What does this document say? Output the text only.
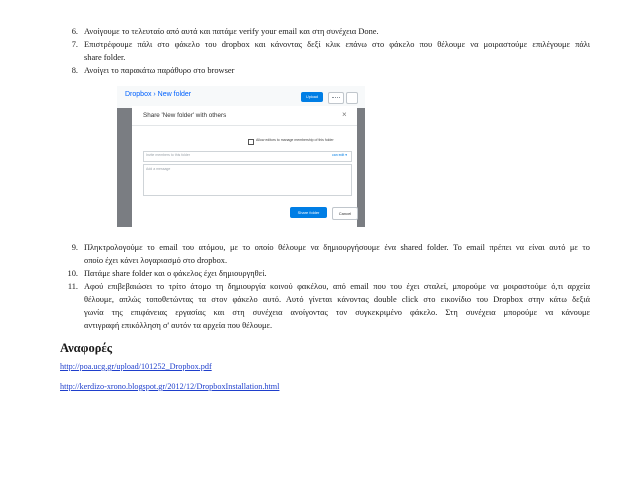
6. Ανοίγουμε το τελευταίο από αυτά και πατάμε verify your email και στη συνέχεια Done.
7. Επιστρέφουμε πάλι στο φάκελο του dropbox και κάνοντας δεξί κλικ επάνω στο φάκελο που θέλουμε να μοιραστούμε επιλέγουμε πάλι
share folder.
8. Ανοίγει το παρακάτω παράθυρο στο browser
Dropbox › New folder	Upload
Share 'New folder' with others	×
Allow editors to manage membership of this folder
Invite members to this folder	can edit ▾
Add a message
Share folder	Cancel
9. Πληκτρολογούμε το email του ατόμου, με το οποίο θέλουμε να δημιουργήσουμε ένα shared folder. Το email πρέπει να είναι αυτό με το
οποίο έχει κάνει λογαριασμό στο dropbox.
10. Πατάμε share folder και ο φάκελος έχει δημιουργηθεί.
11. Αφού επιβεβαιώσει το τρίτο άτομο τη δημιουργία κοινού φακέλου, από email που του έχει σταλεί, μπορούμε να μοιραστούμε ό,τι αρχεία
θέλουμε, απλώς τοποθετώντας τα στον φάκελο αυτό. Αυτό γίνεται κάνοντας double click στο εικονίδιο του Dropbox στην κάτω δεξιά
γωνία της επιφάνειας εργασίας και στη συνέχεια ανοίγοντας τον συγκεκριμένο φάκελο. Στη συνέχεια μπορούμε να κάνουμε
αντιγραφή επικόλληση σ' αυτόν τα αρχεία που θέλουμε.
Αναφορές
http://poa.ucg.gr/upload/101252_Dropbox.pdf
http://kerdizo-xrono.blogspot.gr/2012/12/DropboxInstallation.html
